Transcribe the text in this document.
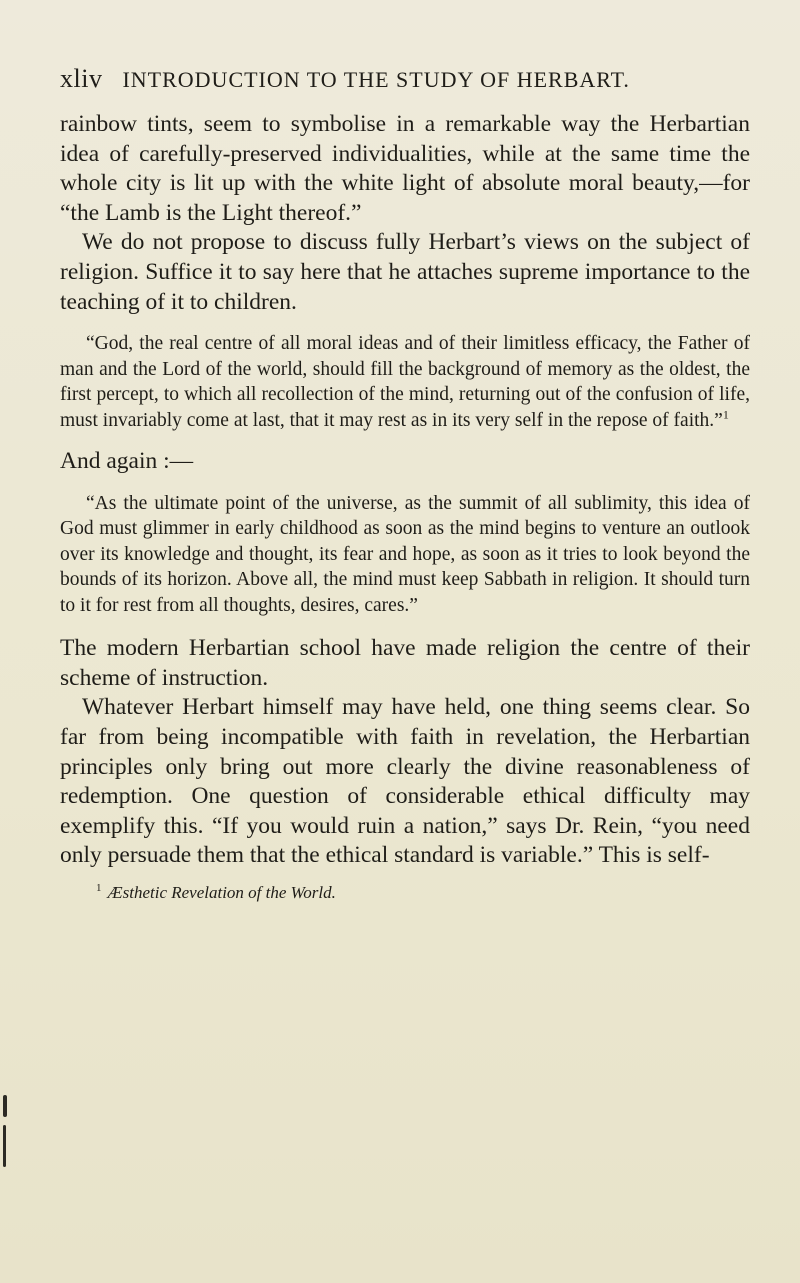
xliv INTRODUCTION TO THE STUDY OF HERBART.

rainbow tints, seem to symbolise in a remarkable way the Herbartian idea of carefully-preserved individualities, while at the same time the whole city is lit up with the white light of absolute moral beauty,—for “the Lamb is the Light thereof.”

We do not propose to discuss fully Herbart’s views on the subject of religion. Suffice it to say here that he attaches supreme importance to the teaching of it to children.

“God, the real centre of all moral ideas and of their limitless efficacy, the Father of man and the Lord of the world, should fill the background of memory as the oldest, the first percept, to which all recollection of the mind, returning out of the confusion of life, must invariably come at last, that it may rest as in its very self in the repose of faith.”$^1$

And again :—

“As the ultimate point of the universe, as the summit of all sublimity, this idea of God must glimmer in early childhood as soon as the mind begins to venture an outlook over its knowledge and thought, its fear and hope, as soon as it tries to look beyond the bounds of its horizon. Above all, the mind must keep Sabbath in religion. It should turn to it for rest from all thoughts, desires, cares.”

The modern Herbartian school have made religion the centre of their scheme of instruction.

Whatever Herbart himself may have held, one thing seems clear. So far from being incompatible with faith in revelation, the Herbartian principles only bring out more clearly the divine reasonableness of redemption. One question of considerable ethical difficulty may exemplify this. “If you would ruin a nation,” says Dr. Rein, “you need only persuade them that the ethical standard is variable.” This is self-

$^1$ Æsthetic Revelation of the World.
